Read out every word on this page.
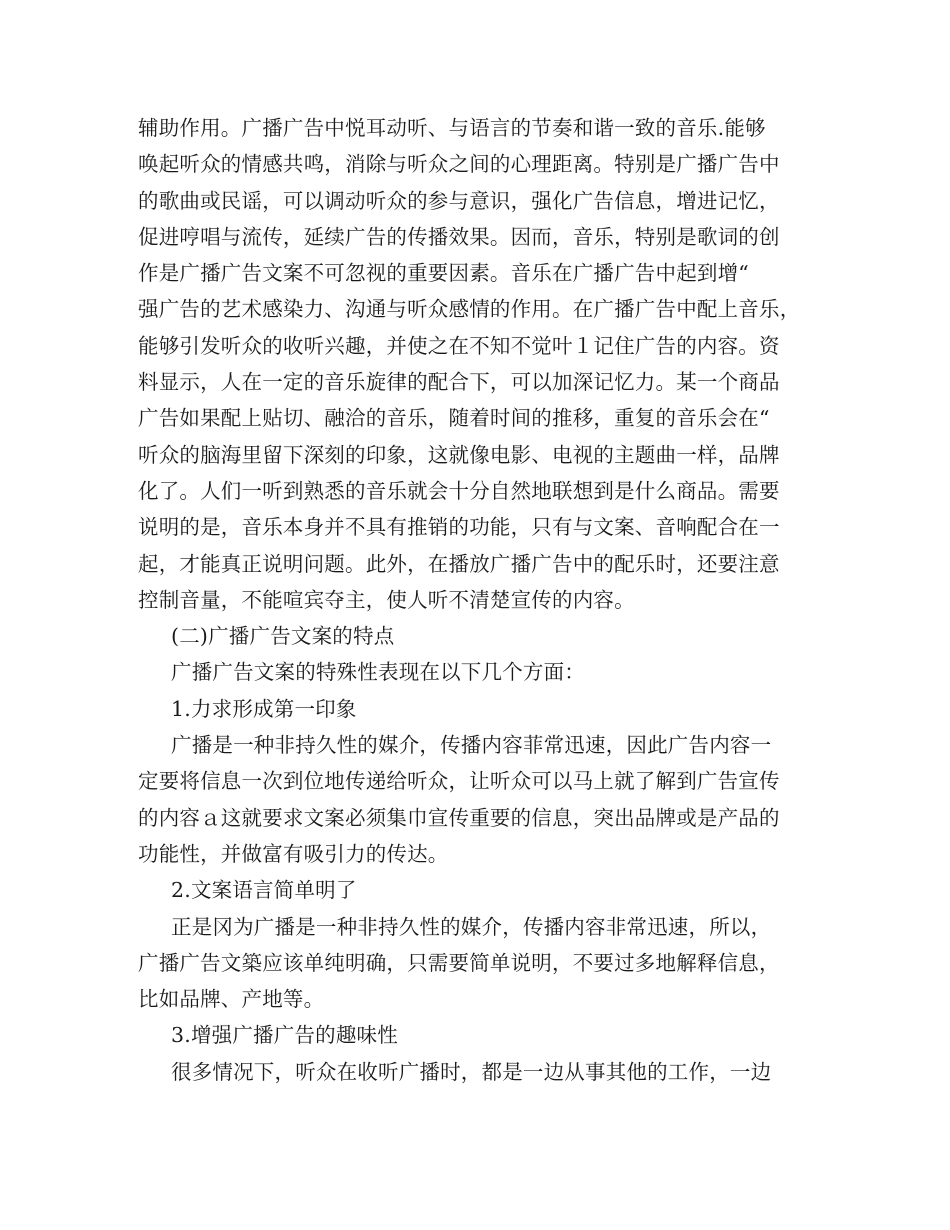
辅助作用。广播广告中悦耳动听、与语言的节奏和谐一致的音乐.能够
唤起听众的情感共鸣，消除与听众之间的心理距离。特别是广播广告中
的歌曲或民谣，可以调动听众的参与意识，强化广告信息，增进记忆，
促进哼唱与流传，延续广告的传播效果。因而，音乐，特别是歌词的创
作是广播广告文案不可忽视的重要因素。音乐在广播广告中起到增“
强广告的艺术感染力、沟通与听众感情的作用。在广播广告中配上音乐，
能够引发听众的收听兴趣，并使之在不知不觉叶１记住广告的内容。资
料显示，人在一定的音乐旋律的配合下，可以加深记忆力。某一个商品
广告如果配上贴切、融洽的音乐，随着时间的推移，重复的音乐会在“
听众的脑海里留下深刻的印象，这就像电影、电视的主题曲一样，品牌
化了。人们一听到熟悉的音乐就会十分自然地联想到是什么商品。需要
说明的是，音乐本身并不具有推销的功能，只有与文案、音响配合在一
起，才能真正说明问题。此外，在播放广播广告中的配乐时，还要注意
控制音量，不能喧宾夺主，使人听不清楚宣传的内容。
(二)广播广告文案的特点
广播广告文案的特殊性表现在以下几个方面：
1.力求形成第一印象
广播是一种非持久性的媒介，传播内容菲常迅速，因此广告内容一
定要将信息一次到位地传递给听众，让听众可以马上就了解到广告宣传
的内容ａ这就要求文案必须集巾宣传重要的信息，突出品牌或是产品的
功能性，并做富有吸引力的传达。
2.文案语言简单明了
正是冈为广播是一种非持久性的媒介，传播内容非常迅速，所以，
广播广告文築应该单纯明确，只需要简单说明，不要过多地解释信息，
比如品牌、产地等。
3.增强广播广告的趣味性
很多情况下，听众在收听广播时，都是一边从事其他的工作，一边
